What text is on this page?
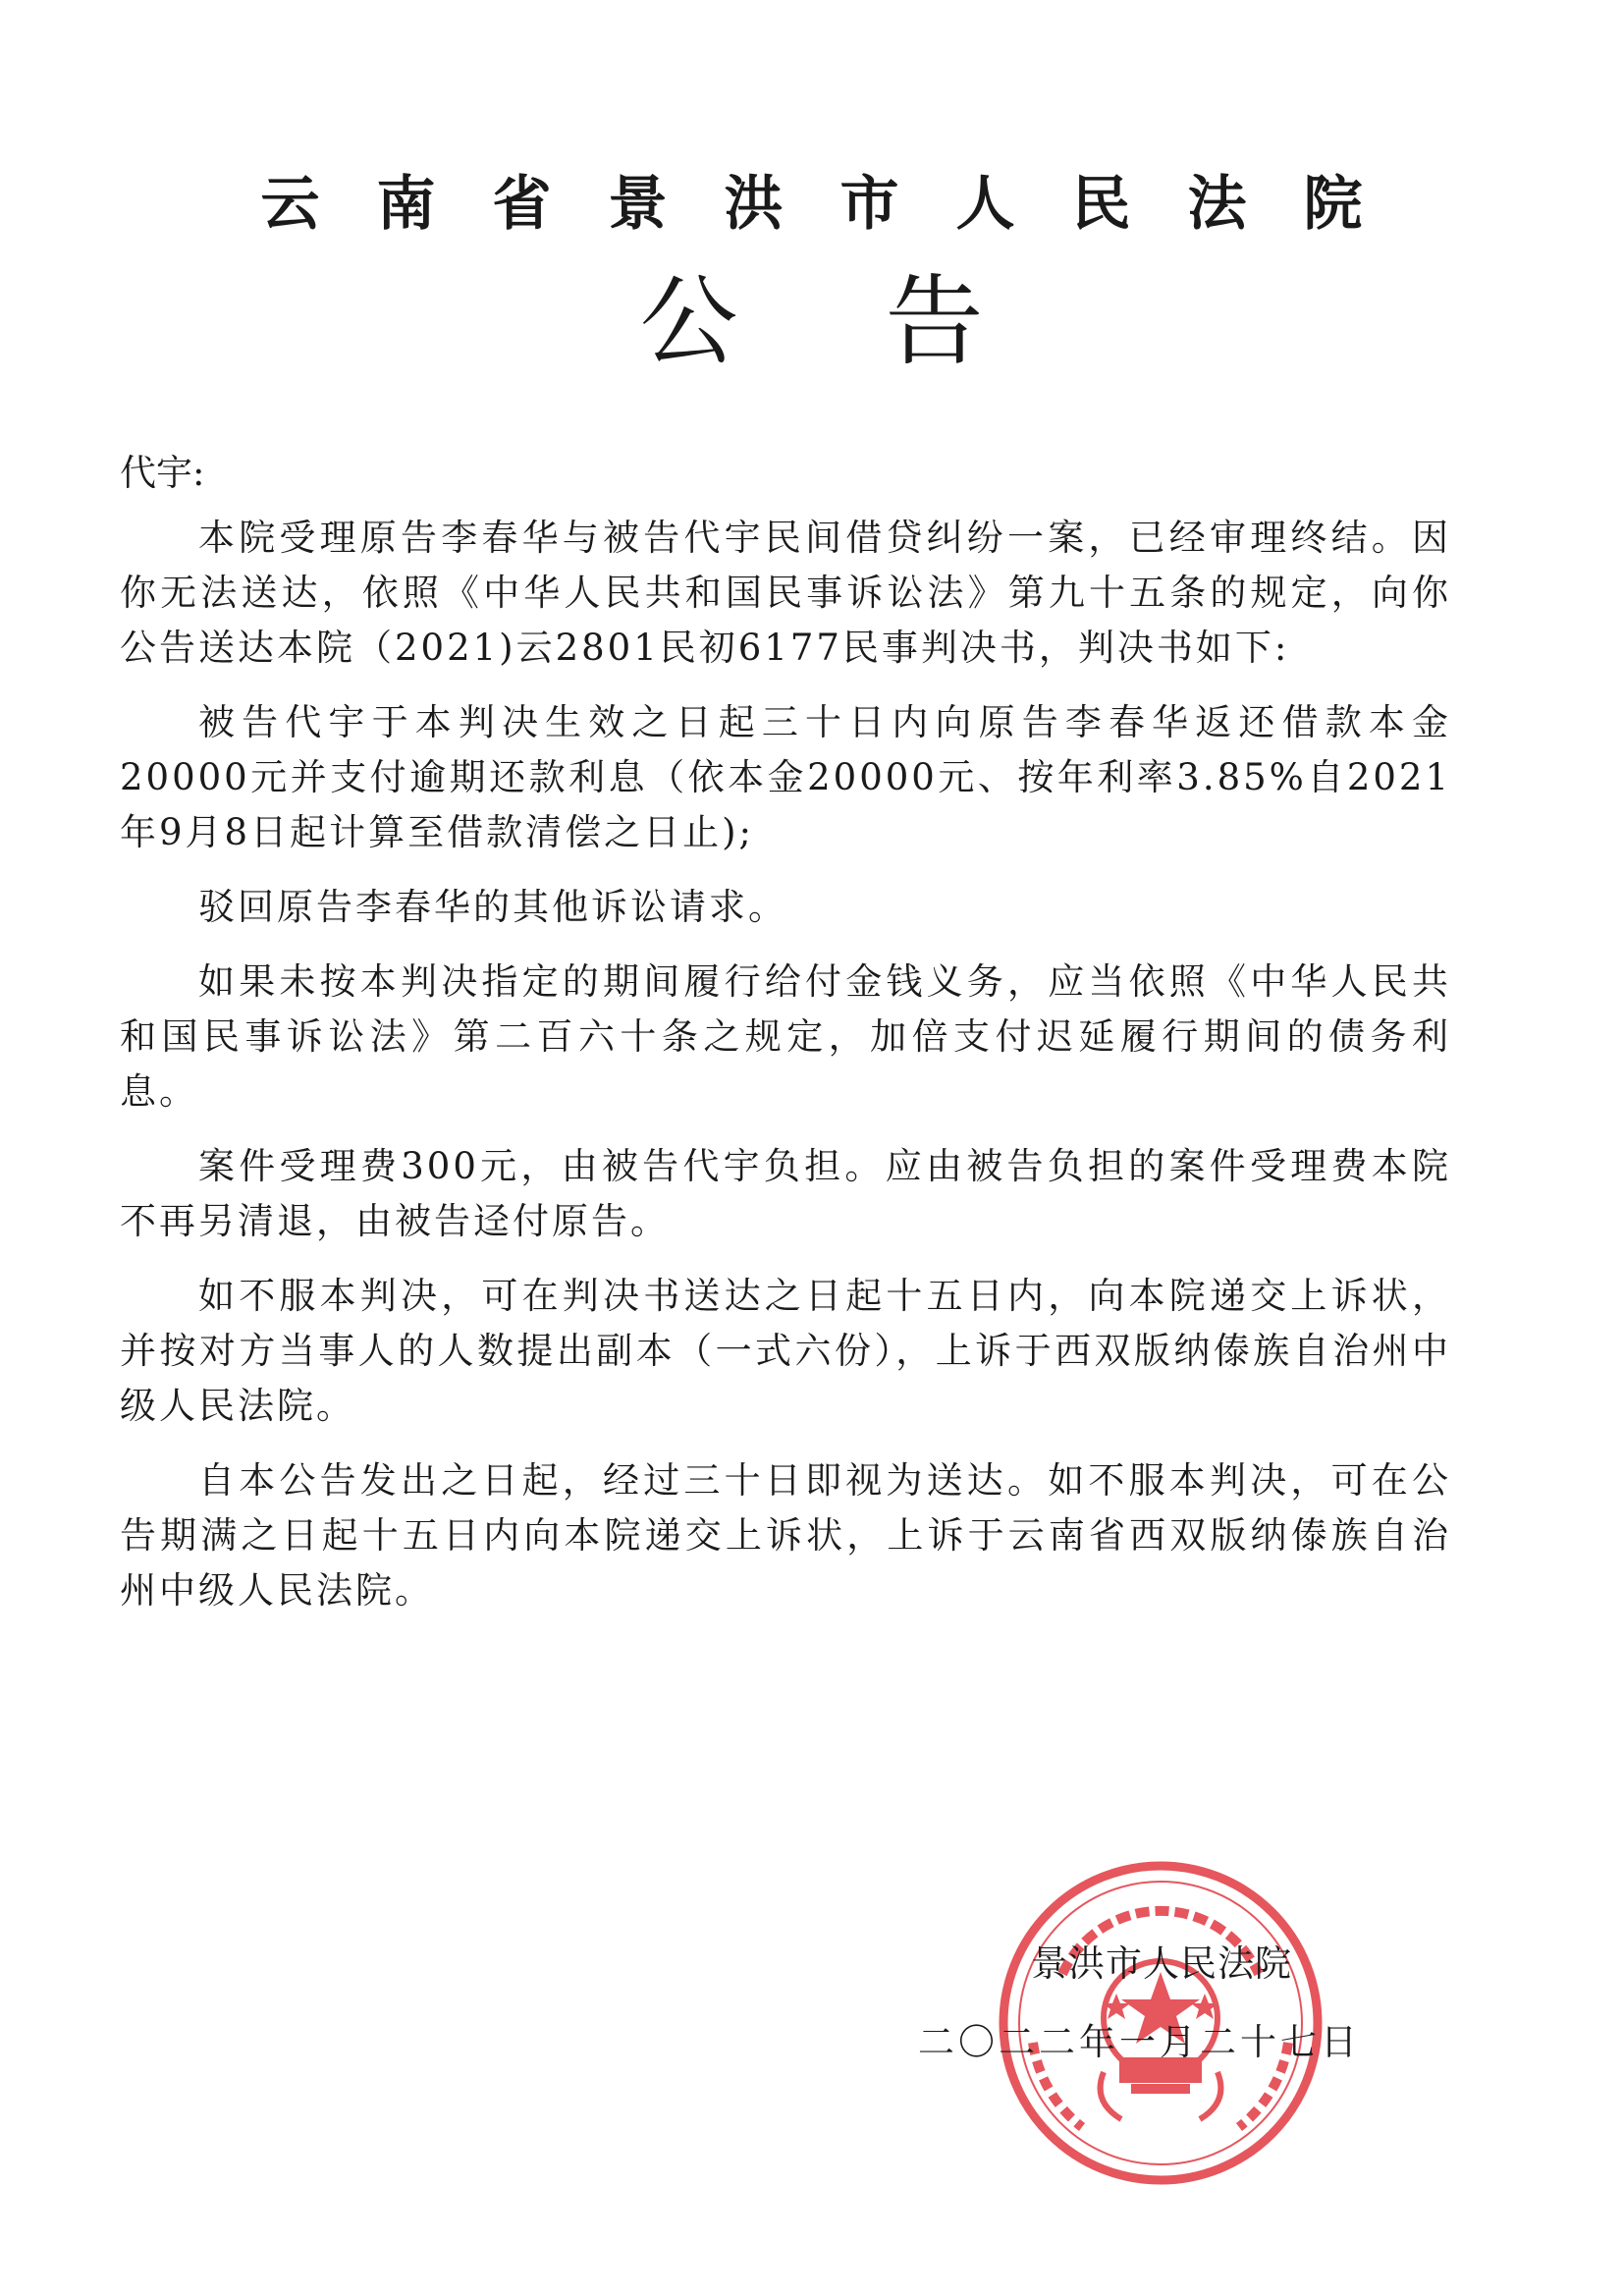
云南省景洪市人民法院
公告
代宇:

本院受理原告李春华与被告代宇民间借贷纠纷一案，已经审理终结。因你无法送达，依照《中华人民共和国民事诉讼法》第九十五条的规定，向你公告送达本院（2021)云2801民初6177民事判决书，判决书如下:

被告代宇于本判决生效之日起三十日内向原告李春华返还借款本金20000元并支付逾期还款利息（依本金20000元、按年利率3.85%自2021年9月8日起计算至借款清偿之日止);

驳回原告李春华的其他诉讼请求。

如果未按本判决指定的期间履行给付金钱义务，应当依照《中华人民共和国民事诉讼法》第二百六十条之规定，加倍支付迟延履行期间的债务利息。

案件受理费300元，由被告代宇负担。应由被告负担的案件受理费本院不再另清退，由被告迳付原告。

如不服本判决，可在判决书送达之日起十五日内，向本院递交上诉状，并按对方当事人的人数提出副本（一式六份），上诉于西双版纳傣族自治州中级人民法院。

自本公告发出之日起，经过三十日即视为送达。如不服本判决，可在公告期满之日起十五日内向本院递交上诉状，上诉于云南省西双版纳傣族自治州中级人民法院。

景洪市人民法院
二〇二二年一月二十七日
